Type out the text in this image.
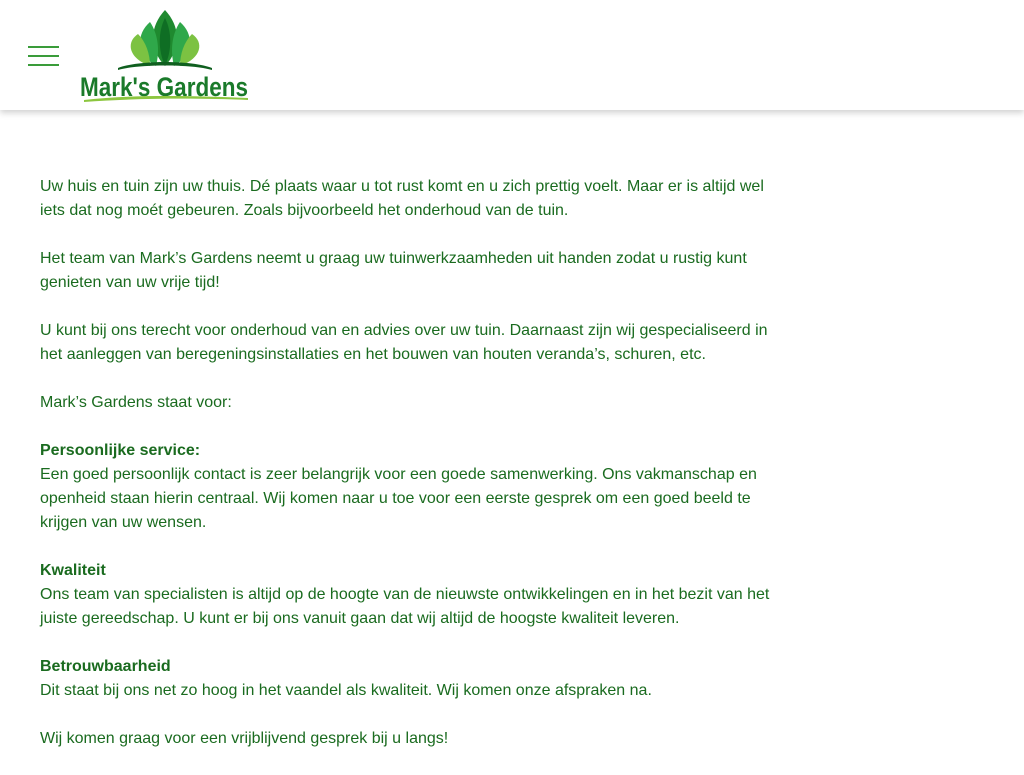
Mark's Gardens

Uw huis en tuin zijn uw thuis. Dé plaats waar u tot rust komt en u zich prettig voelt. Maar er is altijd wel iets dat nog moét gebeuren. Zoals bijvoorbeeld het onderhoud van de tuin.

Het team van Mark’s Gardens neemt u graag uw tuinwerkzaamheden uit handen zodat u rustig kunt genieten van uw vrije tijd!

U kunt bij ons terecht voor onderhoud van en advies over uw tuin. Daarnaast zijn wij gespecialiseerd in het aanleggen van beregeningsinstallaties en het bouwen van houten veranda’s, schuren, etc.

Mark’s Gardens staat voor:

Persoonlijke service:
Een goed persoonlijk contact is zeer belangrijk voor een goede samenwerking. Ons vakmanschap en openheid staan hierin centraal. Wij komen naar u toe voor een eerste gesprek om een goed beeld te krijgen van uw wensen.

Kwaliteit
Ons team van specialisten is altijd op de hoogte van de nieuwste ontwikkelingen en in het bezit van het juiste gereedschap. U kunt er bij ons vanuit gaan dat wij altijd de hoogste kwaliteit leveren.

Betrouwbaarheid
Dit staat bij ons net zo hoog in het vaandel als kwaliteit. Wij komen onze afspraken na.

Wij komen graag voor een vrijblijvend gesprek bij u langs!
